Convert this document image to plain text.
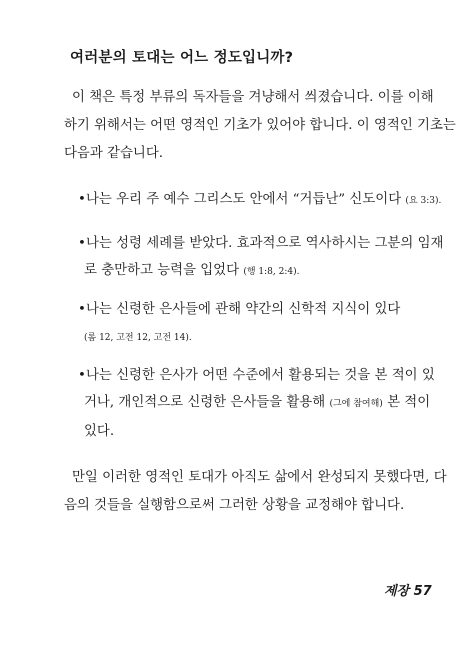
여러분의 토대는 어느 정도입니까?
이 책은 특정 부류의 독자들을 겨냥해서 씌졌습니다. 이를 이해
하기 위해서는 어떤 영적인 기초가 있어야 합니다. 이 영적인 기초는
다음과 같습니다.
•나는 우리 주 예수 그리스도 안에서 “거듭난” 신도이다 (요 3:3).
•나는 성령 세례를 받았다. 효과적으로 역사하시는 그분의 임재
로 충만하고 능력을 입었다 (행 1:8, 2:4).
•나는 신령한 은사들에 관해 약간의 신학적 지식이 있다
(롬 12, 고전 12, 고전 14).
•나는 신령한 은사가 어떤 수준에서 활용되는 것을 본 적이 있
거나, 개인적으로 신령한 은사들을 활용해 (그에 참여해) 본 적이
있다.
만일 이러한 영적인 토대가 아직도 삶에서 완성되지 못했다면, 다
음의 것들을 실행함으로써 그러한 상황을 교정해야 합니다.
제장 57
